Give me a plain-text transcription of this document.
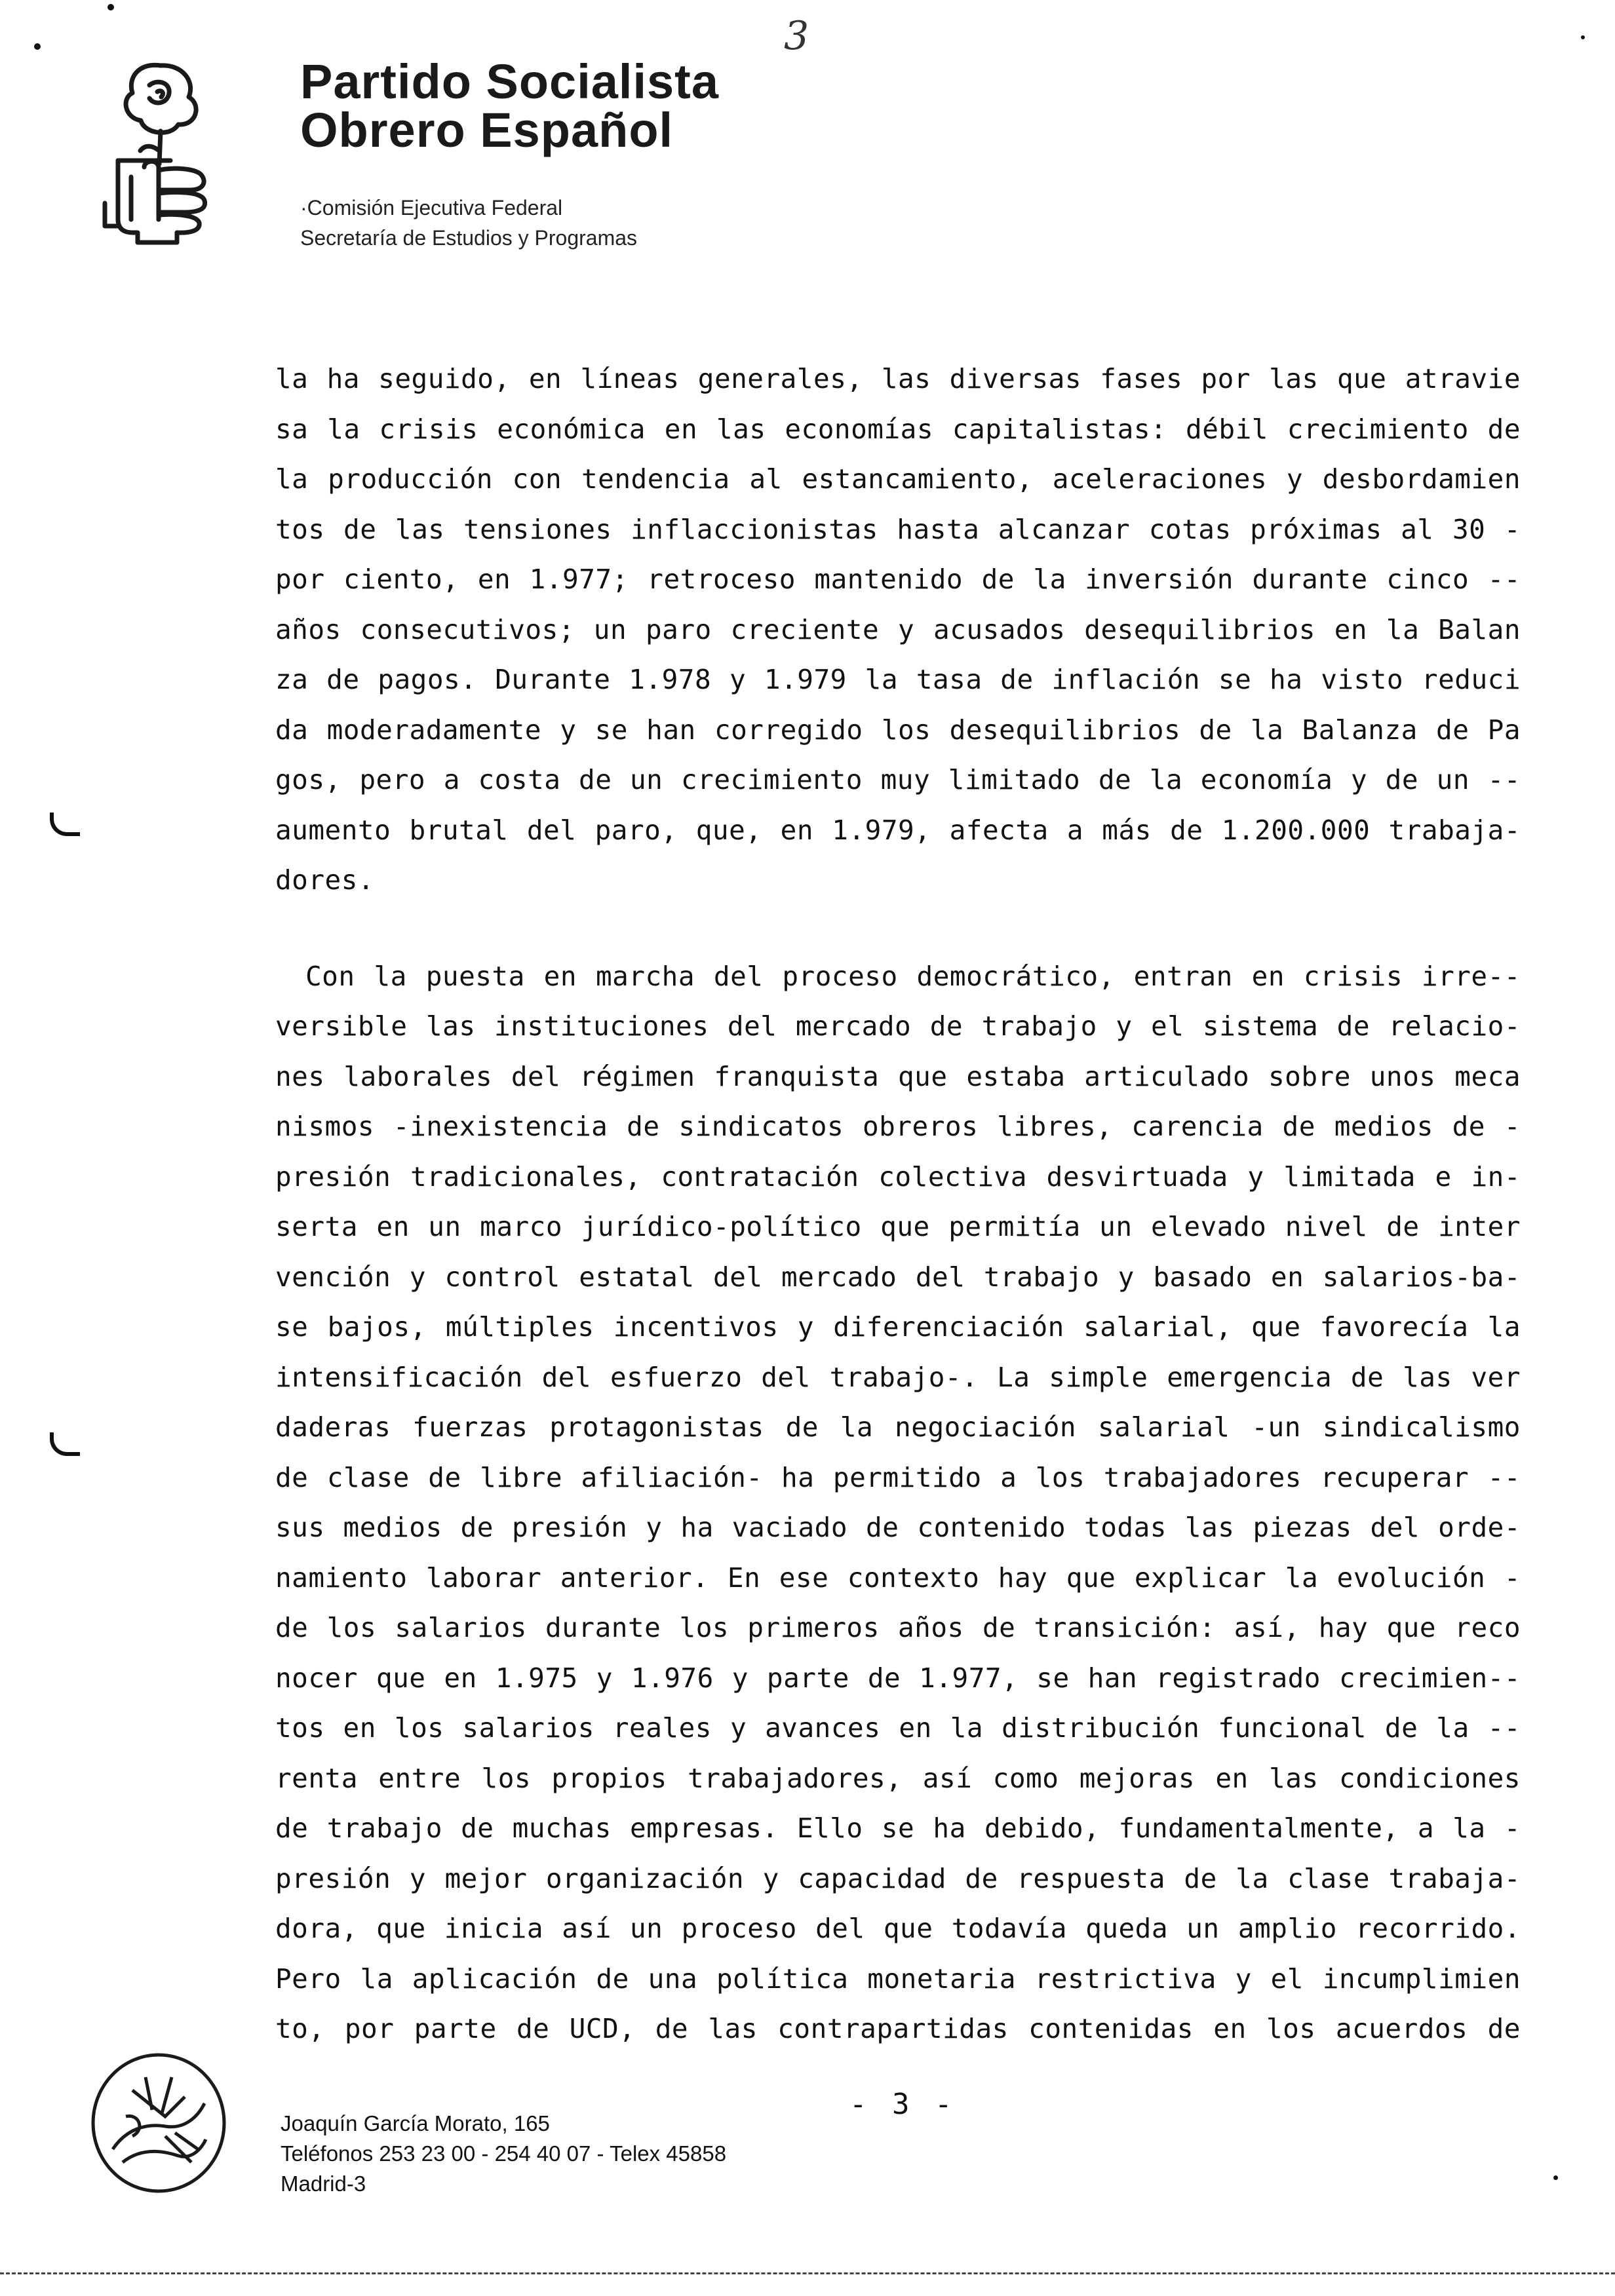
Partido Socialista
Obrero Español
·Comisión Ejecutiva Federal
Secretaría de Estudios y Programas
3

la ha seguido, en líneas generales, las diversas fases por las que atravie
sa la crisis económica en las economías capitalistas: débil crecimiento de
la producción con tendencia al estancamiento, aceleraciones y desbordamien
tos de las tensiones inflaccionistas hasta alcanzar cotas próximas al 30 -
por ciento, en 1.977; retroceso mantenido de la inversión durante cinco --
años consecutivos; un paro creciente y acusados desequilibrios en la Balan
za de pagos. Durante 1.978 y 1.979 la tasa de inflación se ha visto reduci
da moderadamente y se han corregido los desequilibrios de la Balanza de Pa
gos, pero a costa de un crecimiento muy limitado de la economía y de un --
aumento brutal del paro, que, en 1.979, afecta a más de 1.200.000 trabaja-
dores.

Con la puesta en marcha del proceso democrático, entran en crisis irre--
versible las instituciones del mercado de trabajo y el sistema de relacio-
nes laborales del régimen franquista que estaba articulado sobre unos meca
nismos -inexistencia de sindicatos obreros libres, carencia de medios de -
presión tradicionales, contratación colectiva desvirtuada y limitada e in-
serta en un marco jurídico-político que permitía un elevado nivel de inter
vención y control estatal del mercado del trabajo y basado en salarios-ba-
se bajos, múltiples incentivos y diferenciación salarial, que favorecía la
intensificación del esfuerzo del trabajo-. La simple emergencia de las ver
daderas fuerzas protagonistas de la negociación salarial -un sindicalismo
de clase de libre afiliación- ha permitido a los trabajadores recuperar --
sus medios de presión y ha vaciado de contenido todas las piezas del orde-
namiento laborar anterior. En ese contexto hay que explicar la evolución -
de los salarios durante los primeros años de transición: así, hay que reco
nocer que en 1.975 y 1.976 y parte de 1.977, se han registrado crecimien--
tos en los salarios reales y avances en la distribución funcional de la --
renta entre los propios trabajadores, así como mejoras en las condiciones
de trabajo de muchas empresas. Ello se ha debido, fundamentalmente, a la -
presión y mejor organización y capacidad de respuesta de la clase trabaja-
dora, que inicia así un proceso del que todavía queda un amplio recorrido.
Pero la aplicación de una política monetaria restrictiva y el incumplimien
to, por parte de UCD, de las contrapartidas contenidas en los acuerdos de

- 3 -
Joaquín García Morato, 165
Teléfonos 253 23 00 - 254 40 07 - Telex 45858
Madrid-3
